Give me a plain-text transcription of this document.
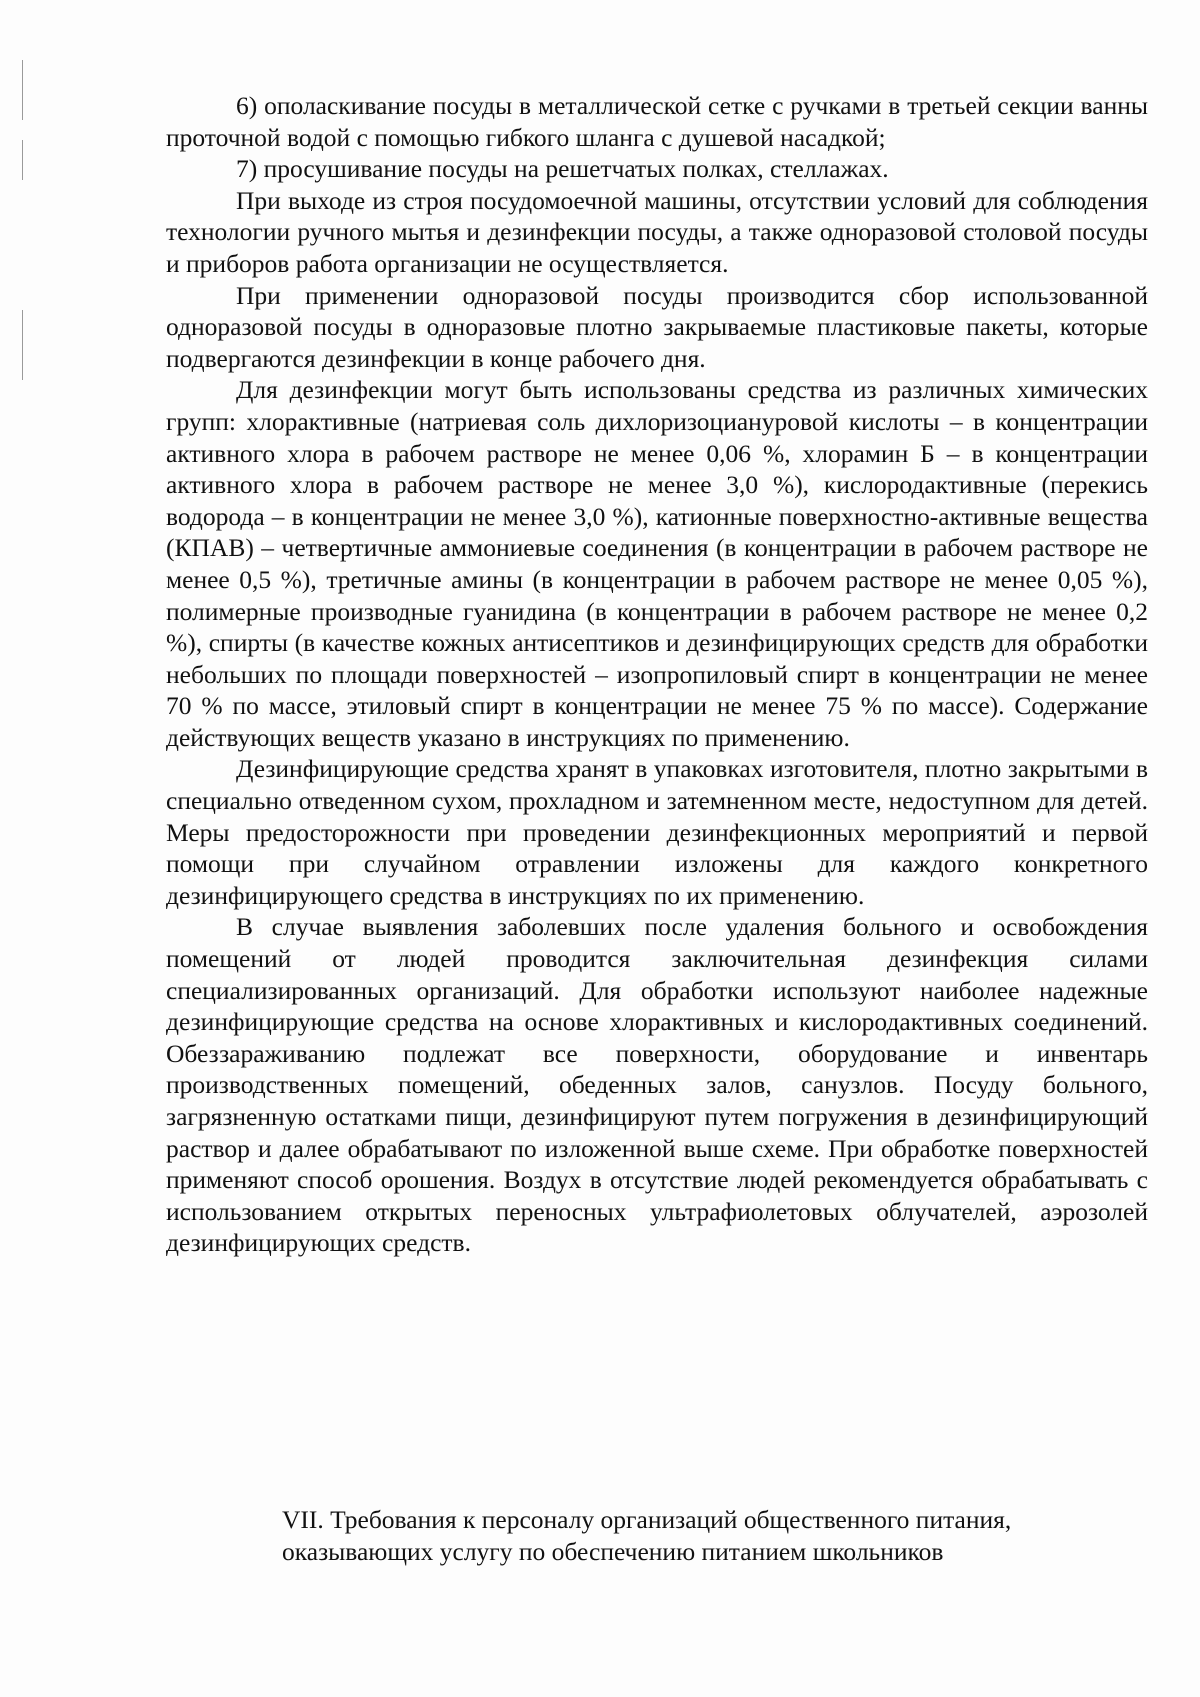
6) ополаскивание посуды в металлической сетке с ручками в третьей секции ванны проточной водой с помощью гибкого шланга с душевой насадкой;

7) просушивание посуды на решетчатых полках, стеллажах.

При выходе из строя посудомоечной машины, отсутствии условий для соблюдения технологии ручного мытья и дезинфекции посуды, а также одноразовой столовой посуды и приборов работа организации не осуществляется.

При применении одноразовой посуды производится сбор использованной одноразовой посуды в одноразовые плотно закрываемые пластиковые пакеты, которые подвергаются дезинфекции в конце рабочего дня.

Для дезинфекции могут быть использованы средства из различных химических групп: хлорактивные (натриевая соль дихлоризоциануровой кислоты – в концентрации активного хлора в рабочем растворе не менее 0,06 %, хлорамин Б – в концентрации активного хлора в рабочем растворе не менее 3,0 %), кислородактивные (перекись водорода – в концентрации не менее 3,0 %), катионные поверхностно-активные вещества (КПАВ) – четвертичные аммониевые соединения (в концентрации в рабочем растворе не менее 0,5 %), третичные амины (в концентрации в рабочем растворе не менее 0,05 %), полимерные производные гуанидина (в концентрации в рабочем растворе не менее 0,2 %), спирты (в качестве кожных антисептиков и дезинфицирующих средств для обработки небольших по площади поверхностей – изопропиловый спирт в концентрации не менее 70 % по массе, этиловый спирт в концентрации не менее 75 % по массе). Содержание действующих веществ указано в инструкциях по применению.

Дезинфицирующие средства хранят в упаковках изготовителя, плотно закрытыми в специально отведенном сухом, прохладном и затемненном месте, недоступном для детей. Меры предосторожности при проведении дезинфекционных мероприятий и первой помощи при случайном отравлении изложены для каждого конкретного дезинфицирующего средства в инструкциях по их применению.

В случае выявления заболевших после удаления больного и освобождения помещений от людей проводится заключительная дезинфекция силами специализированных организаций. Для обработки используют наиболее надежные дезинфицирующие средства на основе хлорактивных и кислородактивных соединений. Обеззараживанию подлежат все поверхности, оборудование и инвентарь производственных помещений, обеденных залов, санузлов. Посуду больного, загрязненную остатками пищи, дезинфицируют путем погружения в дезинфицирующий раствор и далее обрабатывают по изложенной выше схеме. При обработке поверхностей применяют способ орошения. Воздух в отсутствие людей рекомендуется обрабатывать с использованием открытых переносных ультрафиолетовых облучателей, аэрозолей дезинфицирующих средств.

VII. Требования к персоналу организаций общественного питания,
оказывающих услугу по обеспечению питанием школьников
